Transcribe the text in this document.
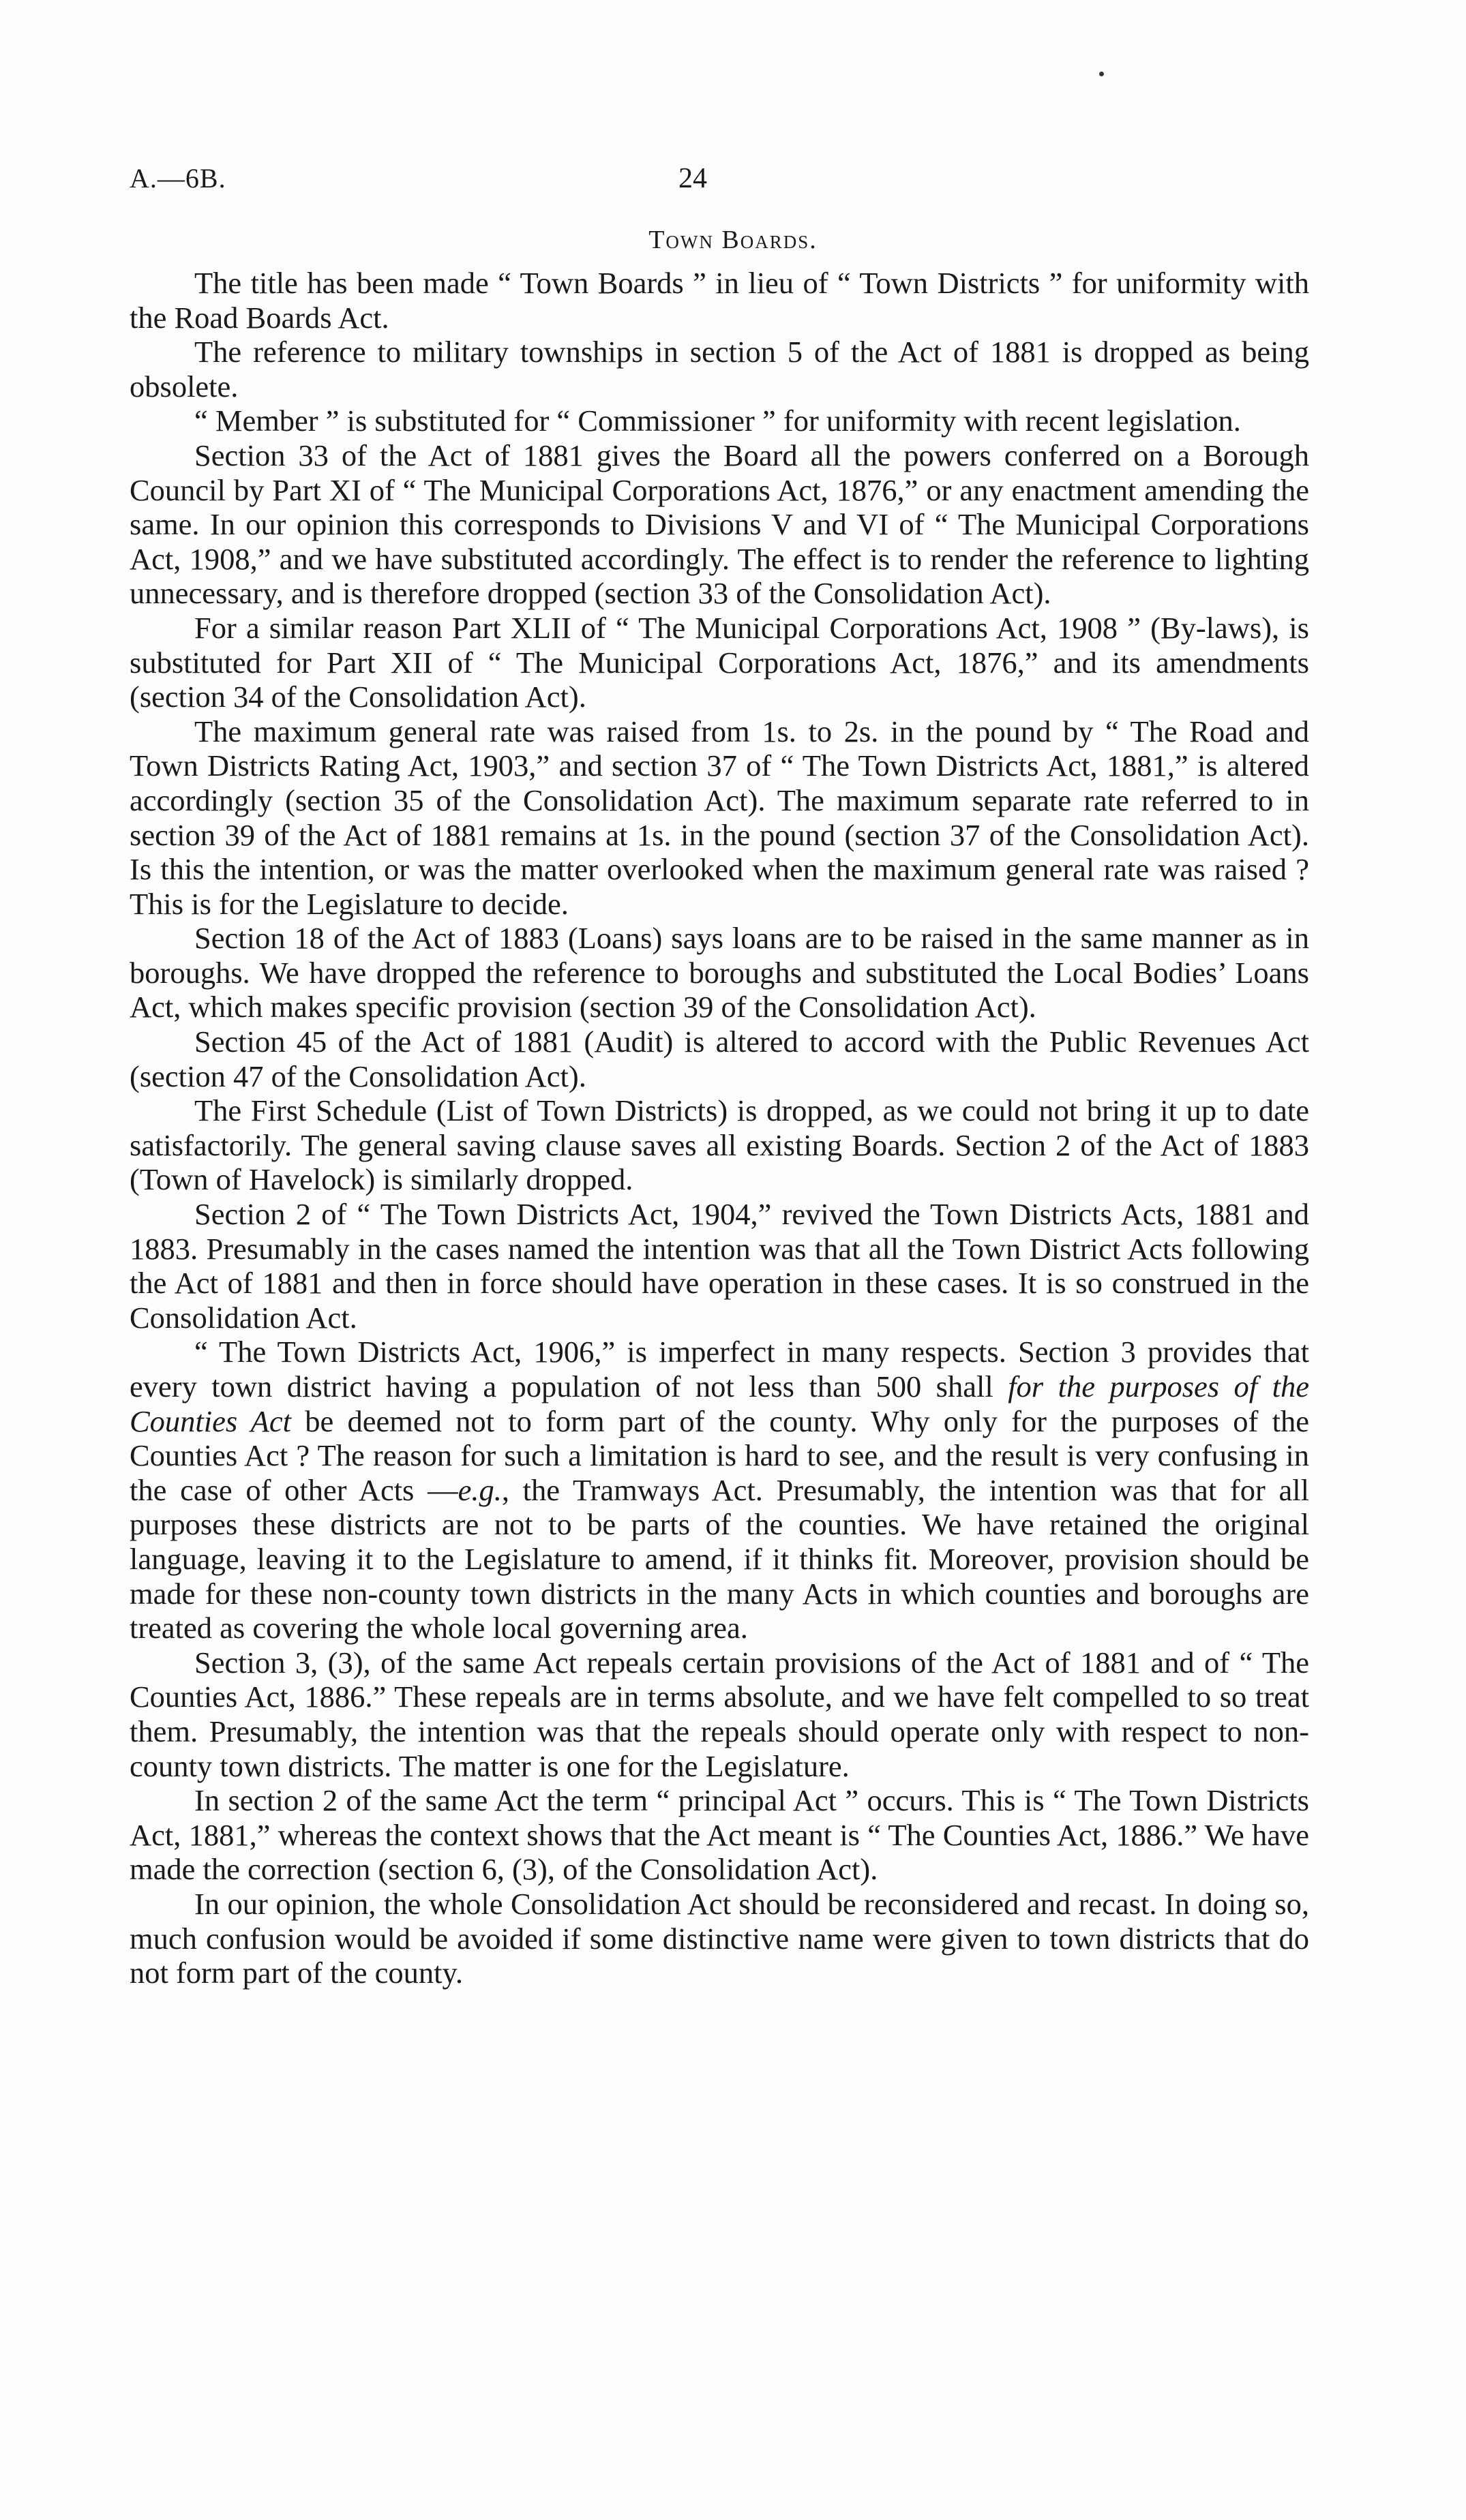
A.—6B.	24
Town Boards.

The title has been made “ Town Boards ” in lieu of “ Town Districts ” for uniformity with the Road Boards Act.

The reference to military townships in section 5 of the Act of 1881 is dropped as being obsolete.

“ Member ” is substituted for “ Commissioner ” for uniformity with recent legislation.

Section 33 of the Act of 1881 gives the Board all the powers conferred on a Borough Council by Part XI of “ The Municipal Corporations Act, 1876,” or any enactment amending the same. In our opinion this corresponds to Divisions V and VI of “ The Municipal Corporations Act, 1908,” and we have substituted accordingly. The effect is to render the reference to lighting unnecessary, and is therefore dropped (section 33 of the Consolidation Act).

For a similar reason Part XLII of “ The Municipal Corporations Act, 1908 ” (By-laws), is substituted for Part XII of “ The Municipal Corporations Act, 1876,” and its amendments (section 34 of the Consolidation Act).

The maximum general rate was raised from 1s. to 2s. in the pound by “ The Road and Town Districts Rating Act, 1903,” and section 37 of “ The Town Districts Act, 1881,” is altered accordingly (section 35 of the Consolidation Act). The maximum separate rate referred to in section 39 of the Act of 1881 remains at 1s. in the pound (section 37 of the Consolidation Act). Is this the intention, or was the matter overlooked when the maximum general rate was raised ? This is for the Legislature to decide.

Section 18 of the Act of 1883 (Loans) says loans are to be raised in the same manner as in boroughs. We have dropped the reference to boroughs and substituted the Local Bodies’ Loans Act, which makes specific provision (section 39 of the Consolidation Act).

Section 45 of the Act of 1881 (Audit) is altered to accord with the Public Revenues Act (section 47 of the Consolidation Act).

The First Schedule (List of Town Districts) is dropped, as we could not bring it up to date satisfactorily. The general saving clause saves all existing Boards. Section 2 of the Act of 1883 (Town of Havelock) is similarly dropped.

Section 2 of “ The Town Districts Act, 1904,” revived the Town Districts Acts, 1881 and 1883. Presumably in the cases named the intention was that all the Town District Acts following the Act of 1881 and then in force should have operation in these cases. It is so construed in the Consolidation Act.

“ The Town Districts Act, 1906,” is imperfect in many respects. Section 3 provides that every town district having a population of not less than 500 shall for the purposes of the Counties Act be deemed not to form part of the county. Why only for the purposes of the Counties Act ? The reason for such a limitation is hard to see, and the result is very confusing in the case of other Acts —e.g., the Tramways Act. Presumably, the intention was that for all purposes these districts are not to be parts of the counties. We have retained the original language, leaving it to the Legislature to amend, if it thinks fit. Moreover, provision should be made for these non-county town districts in the many Acts in which counties and boroughs are treated as covering the whole local governing area.

Section 3, (3), of the same Act repeals certain provisions of the Act of 1881 and of “ The Counties Act, 1886.” These repeals are in terms absolute, and we have felt compelled to so treat them. Presumably, the intention was that the repeals should operate only with respect to non-county town districts. The matter is one for the Legislature.

In section 2 of the same Act the term “ principal Act ” occurs. This is “ The Town Districts Act, 1881,” whereas the context shows that the Act meant is “ The Counties Act, 1886.” We have made the correction (section 6, (3), of the Consolidation Act).

In our opinion, the whole Consolidation Act should be reconsidered and recast. In doing so, much confusion would be avoided if some distinctive name were given to town districts that do not form part of the county.
